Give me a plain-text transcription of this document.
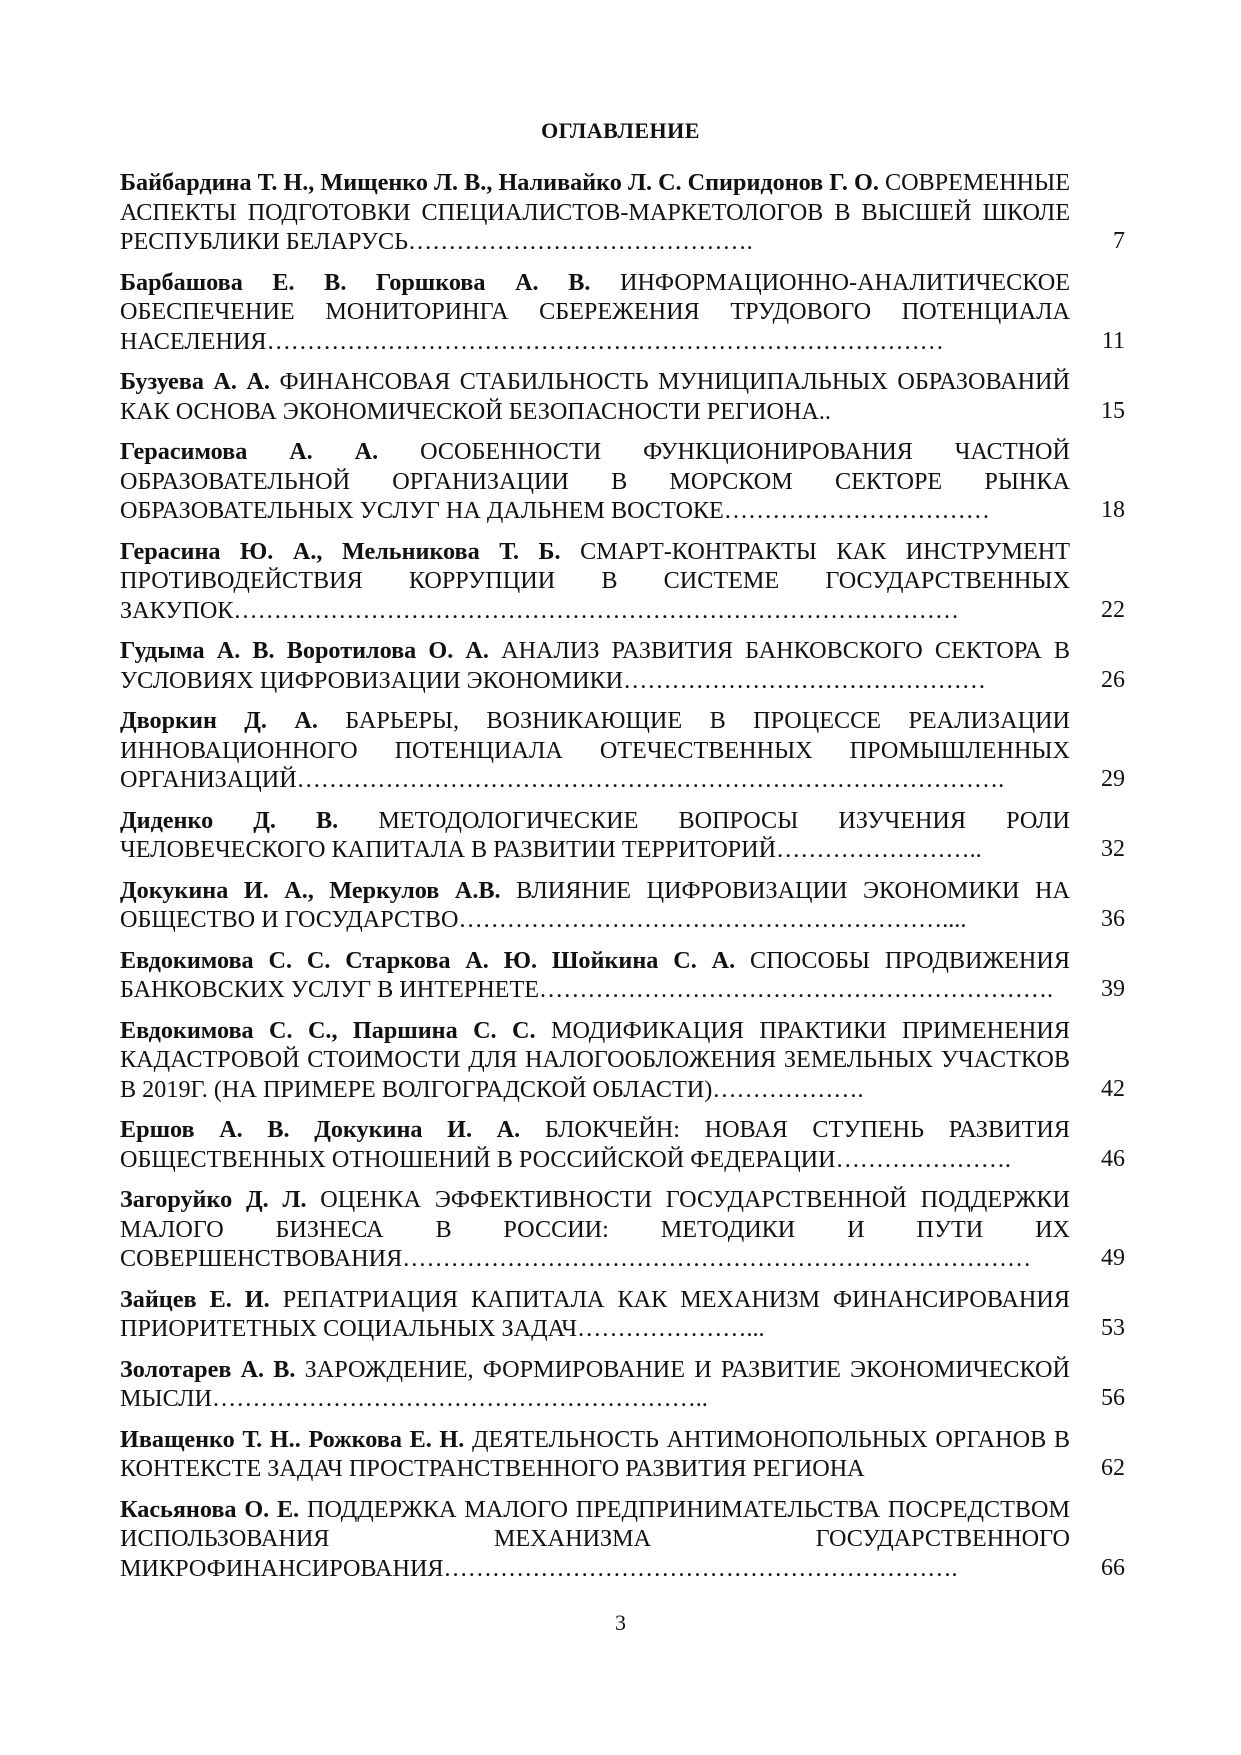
ОГЛАВЛЕНИЕ
Байбардина Т. Н., Мищенко Л. В., Наливайко Л. С. Спиридонов Г. О. СОВРЕМЕННЫЕ АСПЕКТЫ ПОДГОТОВКИ СПЕЦИАЛИСТОВ-МАРКЕТОЛОГОВ В ВЫСШЕЙ ШКОЛЕ РЕСПУБЛИКИ БЕЛАРУСЬ…………………………………….	7
Барбашова Е. В. Горшкова А. В. ИНФОРМАЦИОННО-АНАЛИТИЧЕСКОЕ ОБЕСПЕЧЕНИЕ МОНИТОРИНГА СБЕРЕЖЕНИЯ ТРУДОВОГО ПОТЕНЦИАЛА НАСЕЛЕНИЯ…………………………………………………………………………	11
Бузуева А. А. ФИНАНСОВАЯ СТАБИЛЬНОСТЬ МУНИЦИПАЛЬНЫХ ОБРАЗОВАНИЙ КАК ОСНОВА ЭКОНОМИЧЕСКОЙ БЕЗОПАСНОСТИ РЕГИОНА..	15
Герасимова А. А. ОСОБЕННОСТИ ФУНКЦИОНИРОВАНИЯ ЧАСТНОЙ ОБРАЗОВАТЕЛЬНОЙ ОРГАНИЗАЦИИ В МОРСКОМ СЕКТОРЕ РЫНКА ОБРАЗОВАТЕЛЬНЫХ УСЛУГ НА ДАЛЬНЕМ ВОСТОКЕ……………………………	18
Герасина Ю. А., Мельникова Т. Б. СМАРТ-КОНТРАКТЫ КАК ИНСТРУМЕНТ ПРОТИВОДЕЙСТВИЯ КОРРУПЦИИ В СИСТЕМЕ ГОСУДАРСТВЕННЫХ ЗАКУПОК………………………………………………………………………………	22
Гудыма А. В. Воротилова О. А. АНАЛИЗ РАЗВИТИЯ БАНКОВСКОГО СЕКТОРА В УСЛОВИЯХ ЦИФРОВИЗАЦИИ ЭКОНОМИКИ………………………………………	26
Дворкин Д. А. БАРЬЕРЫ, ВОЗНИКАЮЩИЕ В ПРОЦЕССЕ РЕАЛИЗАЦИИ ИННОВАЦИОННОГО ПОТЕНЦИАЛА ОТЕЧЕСТВЕННЫХ ПРОМЫШЛЕННЫХ ОРГАНИЗАЦИЙ…………………………………………………………………………….	29
Диденко Д. В. МЕТОДОЛОГИЧЕСКИЕ ВОПРОСЫ ИЗУЧЕНИЯ РОЛИ ЧЕЛОВЕЧЕСКОГО КАПИТАЛА В РАЗВИТИИ ТЕРРИТОРИЙ……………………..	32
Докукина И. А., Меркулов А.В. ВЛИЯНИЕ ЦИФРОВИЗАЦИИ ЭКОНОМИКИ НА ОБЩЕСТВО И ГОСУДАРСТВО……………………………………………………....	36
Евдокимова С. С. Старкова А. Ю. Шойкина С. А. СПОСОБЫ ПРОДВИЖЕНИЯ БАНКОВСКИХ УСЛУГ В ИНТЕРНЕТЕ……………………………………………………….	39
Евдокимова С. С., Паршина С. С. МОДИФИКАЦИЯ ПРАКТИКИ ПРИМЕНЕНИЯ КАДАСТРОВОЙ СТОИМОСТИ ДЛЯ НАЛОГООБЛОЖЕНИЯ ЗЕМЕЛЬНЫХ УЧАСТКОВ В 2019Г. (НА ПРИМЕРЕ ВОЛГОГРАДСКОЙ ОБЛАСТИ)……………….	42
Ершов А. В. Докукина И. А. БЛОКЧЕЙН: НОВАЯ СТУПЕНЬ РАЗВИТИЯ ОБЩЕСТВЕННЫХ ОТНОШЕНИЙ В РОССИЙСКОЙ ФЕДЕРАЦИИ………………….	46
Загоруйко Д. Л. ОЦЕНКА ЭФФЕКТИВНОСТИ ГОСУДАРСТВЕННОЙ ПОДДЕРЖКИ МАЛОГО БИЗНЕСА В РОССИИ: МЕТОДИКИ И ПУТИ ИХ СОВЕРШЕНСТВОВАНИЯ……………………………………………………………………	49
Зайцев Е. И. РЕПАТРИАЦИЯ КАПИТАЛА КАК МЕХАНИЗМ ФИНАНСИРОВАНИЯ ПРИОРИТЕТНЫХ СОЦИАЛЬНЫХ ЗАДАЧ…………………...	53
Золотарев А. В. ЗАРОЖДЕНИЕ, ФОРМИРОВАНИЕ И РАЗВИТИЕ ЭКОНОМИЧЕСКОЙ МЫСЛИ……………………………………………………..	56
Иващенко Т. Н.. Рожкова Е. Н. ДЕЯТЕЛЬНОСТЬ АНТИМОНОПОЛЬНЫХ ОРГАНОВ В КОНТЕКСТЕ ЗАДАЧ ПРОСТРАНСТВЕННОГО РАЗВИТИЯ РЕГИОНА	62
Касьянова О. Е. ПОДДЕРЖКА МАЛОГО ПРЕДПРИНИМАТЕЛЬСТВА ПОСРЕДСТВОМ ИСПОЛЬЗОВАНИЯ МЕХАНИЗМА ГОСУДАРСТВЕННОГО МИКРОФИНАНСИРОВАНИЯ……………………………………………………….	66
3
